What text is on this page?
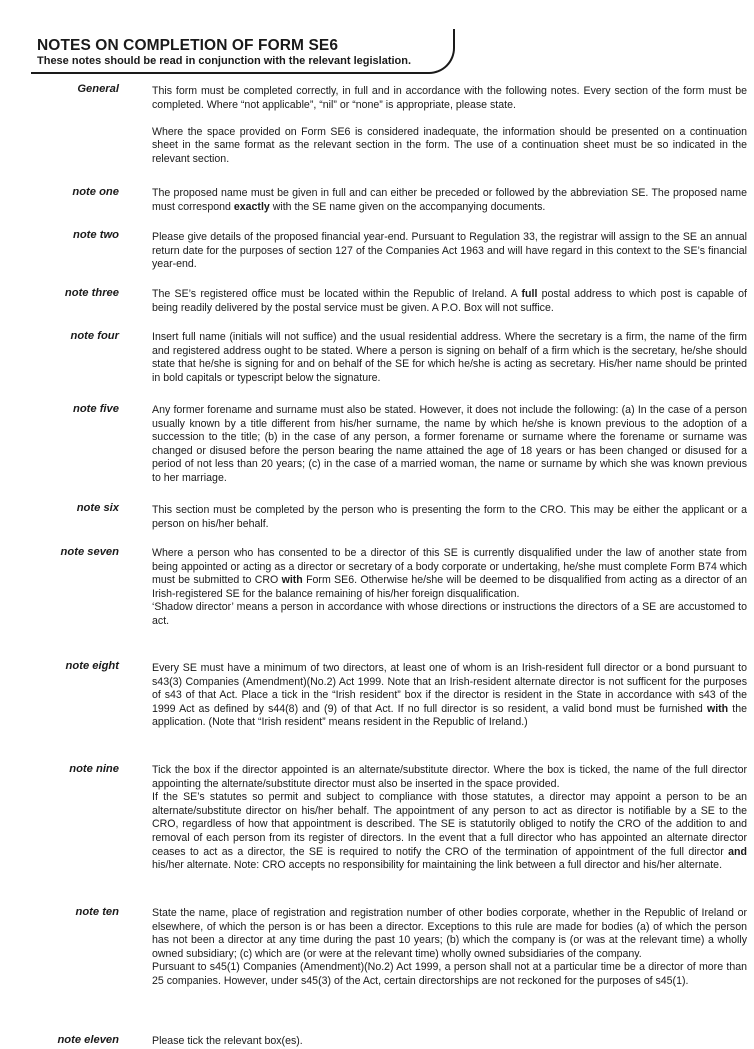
NOTES ON COMPLETION OF FORM SE6
These notes should be read in conjunction with the relevant legislation.
General	This form must be completed correctly, in full and in accordance with the following notes. Every section of the form must be completed. Where “not applicable”, “nil” or “none” is appropriate, please state.

Where the space provided on Form SE6 is considered inadequate, the information should be presented on a continuation sheet in the same format as the relevant section in the form. The use of a continuation sheet must be so indicated in the relevant section.

note one	The proposed name must be given in full and can either be preceded or followed by the abbreviation SE. The proposed name must correspond exactly with the SE name given on the accompanying documents.

note two	Please give details of the proposed financial year-end. Pursuant to Regulation 33, the registrar will assign to the SE an annual return date for the purposes of section 127 of the Companies Act 1963 and will have regard in this context to the SE’s financial year-end.

note three	The SE’s registered office must be located within the Republic of Ireland. A full postal address to which post is capable of being readily delivered by the postal service must be given. A P.O. Box will not suffice.

note four	Insert full name (initials will not suffice) and the usual residential address. Where the secretary is a firm, the name of the firm and registered address ought to be stated. Where a person is signing on behalf of a firm which is the secretary, he/she should state that he/she is signing for and on behalf of the SE for which he/she is acting as secretary. His/her name should be printed in bold capitals or typescript below the signature.

note five	Any former forename and surname must also be stated. However, it does not include the following: (a) In the case of a person usually known by a title different from his/her surname, the name by which he/she is known previous to the adoption of a succession to the title; (b) in the case of any person, a former forename or surname where the forename or surname was changed or disused before the person bearing the name attained the age of 18 years or has been changed or disused for a period of not less than 20 years; (c) in the case of a married woman, the name or surname by which she was known previous to her marriage.

note six	This section must be completed by the person who is presenting the form to the CRO. This may be either the applicant or a person on his/her behalf.

note seven	Where a person who has consented to be a director of this SE is currently disqualified under the law of another state from being appointed or acting as a director or secretary of a body corporate or undertaking, he/she must complete Form B74 which must be submitted to CRO with Form SE6. Otherwise he/she will be deemed to be disqualified from acting as a director of an Irish-registered SE for the balance remaining of his/her foreign disqualification.

‘Shadow director’ means a person in accordance with whose directions or instructions the directors of a SE are accustomed to act.

note eight	Every SE must have a minimum of two directors, at least one of whom is an Irish-resident full director or a bond pursuant to s43(3) Companies (Amendment)(No.2) Act 1999. Note that an Irish-resident alternate director is not sufficent for the purposes of s43 of that Act. Place a tick in the “Irish resident” box if the director is resident in the State in accordance with s43 of the 1999 Act as defined by s44(8) and (9) of that Act. If no full director is so resident, a valid bond must be furnished with the application. (Note that “Irish resident” means resident in the Republic of Ireland.)

note nine	Tick the box if the director appointed is an alternate/substitute director. Where the box is ticked, the name of the full director appointing the alternate/substitute director must also be inserted in the space provided.

If the SE’s statutes so permit and subject to compliance with those statutes, a director may appoint a person to be an alternate/substitute director on his/her behalf. The appointment of any person to act as director is notifiable by a SE to the CRO, regardless of how that appointment is described. The SE is statutorily obliged to notify the CRO of the addition to and removal of each person from its register of directors. In the event that a full director who has appointed an alternate director ceases to act as a director, the SE is required to notify the CRO of the termination of appointment of the full director and his/her alternate. Note: CRO accepts no responsibility for maintaining the link between a full director and his/her alternate.

note ten	State the name, place of registration and registration number of other bodies corporate, whether in the Republic of Ireland or elsewhere, of which the person is or has been a director. Exceptions to this rule are made for bodies (a) of which the person has not been a director at any time during the past 10 years; (b) which the company is (or was at the relevant time) a wholly owned subsidiary; (c) which are (or were at the relevant time) wholly owned subsidiaries of the company.

Pursuant to s45(1) Companies (Amendment)(No.2) Act 1999, a person shall not at a particular time be a director of more than 25 companies. However, under s45(3) of the Act, certain directorships are not reckoned for the purposes of s45(1).

note eleven	Please tick the relevant box(es).
